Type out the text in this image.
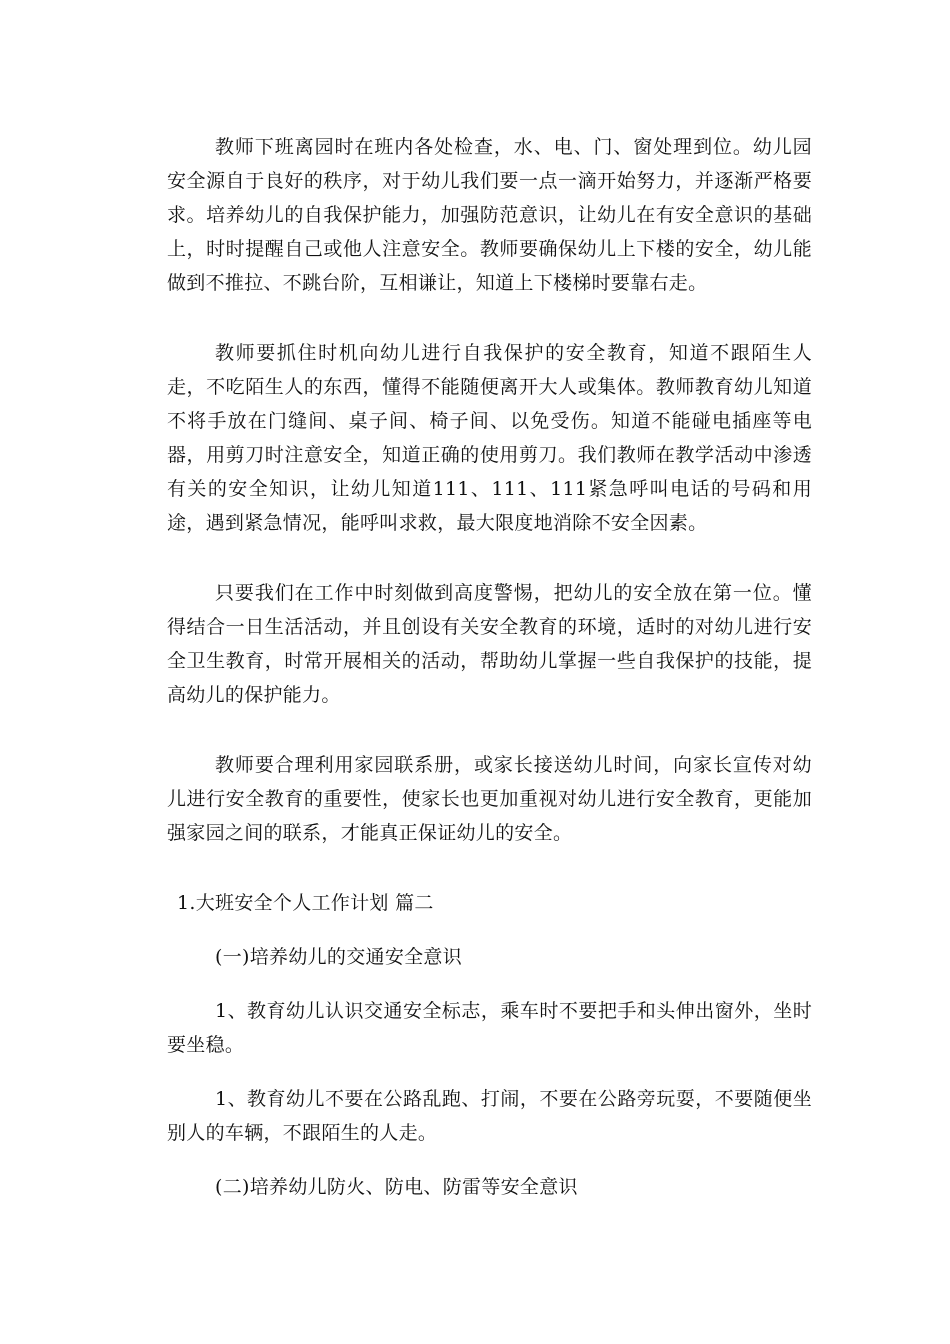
教师下班离园时在班内各处检查，水、电、门、窗处理到位。幼儿园安全源自于良好的秩序，对于幼儿我们要一点一滴开始努力，并逐渐严格要求。培养幼儿的自我保护能力，加强防范意识，让幼儿在有安全意识的基础上，时时提醒自己或他人注意安全。教师要确保幼儿上下楼的安全，幼儿能做到不推拉、不跳台阶，互相谦让，知道上下楼梯时要靠右走。

教师要抓住时机向幼儿进行自我保护的安全教育，知道不跟陌生人走，不吃陌生人的东西，懂得不能随便离开大人或集体。教师教育幼儿知道不将手放在门缝间、桌子间、椅子间、以免受伤。知道不能碰电插座等电器，用剪刀时注意安全，知道正确的使用剪刀。我们教师在教学活动中渗透有关的安全知识，让幼儿知道111、111、111紧急呼叫电话的号码和用途，遇到紧急情况，能呼叫求救，最大限度地消除不安全因素。

只要我们在工作中时刻做到高度警惕，把幼儿的安全放在第一位。懂得结合一日生活活动，并且创设有关安全教育的环境，适时的对幼儿进行安全卫生教育，时常开展相关的活动，帮助幼儿掌握一些自我保护的技能，提高幼儿的保护能力。

教师要合理利用家园联系册，或家长接送幼儿时间，向家长宣传对幼儿进行安全教育的重要性，使家长也更加重视对幼儿进行安全教育，更能加强家园之间的联系，才能真正保证幼儿的安全。

1.大班安全个人工作计划 篇二

(一)培养幼儿的交通安全意识

1、教育幼儿认识交通安全标志，乘车时不要把手和头伸出窗外，坐时要坐稳。

1、教育幼儿不要在公路乱跑、打闹，不要在公路旁玩耍，不要随便坐别人的车辆，不跟陌生的人走。

(二)培养幼儿防火、防电、防雷等安全意识
